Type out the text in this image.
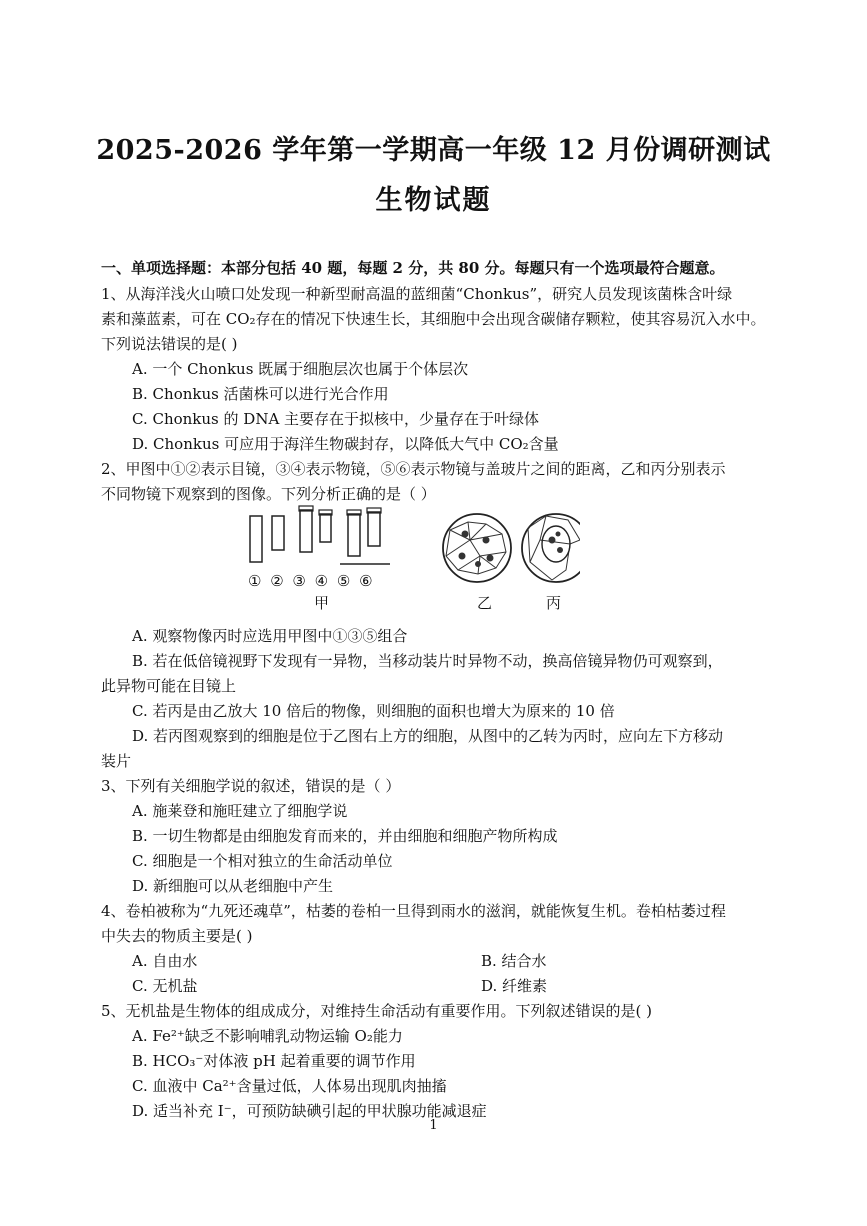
2025-2026 学年第一学期高一年级 12 月份调研测试
生物试题
一、单项选择题：本部分包括 40 题，每题 2 分，共 80 分。每题只有一个选项最符合题意。
1、从海洋浅火山喷口处发现一种新型耐高温的蓝细菌“Chonkus”，研究人员发现该菌株含叶绿
素和藻蓝素，可在 CO₂存在的情况下快速生长，其细胞中会出现含碳储存颗粒，使其容易沉入水中。
下列说法错误的是( )
A. 一个 Chonkus 既属于细胞层次也属于个体层次
B. Chonkus 活菌株可以进行光合作用
C. Chonkus 的 DNA 主要存在于拟核中，少量存在于叶绿体
D. Chonkus 可应用于海洋生物碳封存，以降低大气中 CO₂含量
2、甲图中①②表示目镜，③④表示物镜，⑤⑥表示物镜与盖玻片之间的距离，乙和丙分别表示
不同物镜下观察到的图像。下列分析正确的是（ ）
① ② ③ ④ ⑤ ⑥
甲	乙	丙
A. 观察物像丙时应选用甲图中①③⑤组合
B. 若在低倍镜视野下发现有一异物，当移动装片时异物不动，换高倍镜异物仍可观察到，
此异物可能在目镜上
C. 若丙是由乙放大 10 倍后的物像，则细胞的面积也增大为原来的 10 倍
D. 若丙图观察到的细胞是位于乙图右上方的细胞，从图中的乙转为丙时，应向左下方移动
装片
3、下列有关细胞学说的叙述，错误的是（ ）
A. 施莱登和施旺建立了细胞学说
B. 一切生物都是由细胞发育而来的，并由细胞和细胞产物所构成
C. 细胞是一个相对独立的生命活动单位
D. 新细胞可以从老细胞中产生
4、卷柏被称为“九死还魂草”，枯萎的卷柏一旦得到雨水的滋润，就能恢复生机。卷柏枯萎过程
中失去的物质主要是( )
A. 自由水	B. 结合水
C. 无机盐	D. 纤维素
5、无机盐是生物体的组成成分，对维持生命活动有重要作用。下列叙述错误的是( )
A. Fe²⁺缺乏不影响哺乳动物运输 O₂能力
B. HCO₃⁻对体液 pH 起着重要的调节作用
C. 血液中 Ca²⁺含量过低，人体易出现肌肉抽搐
D. 适当补充 I⁻，可预防缺碘引起的甲状腺功能减退症
1
